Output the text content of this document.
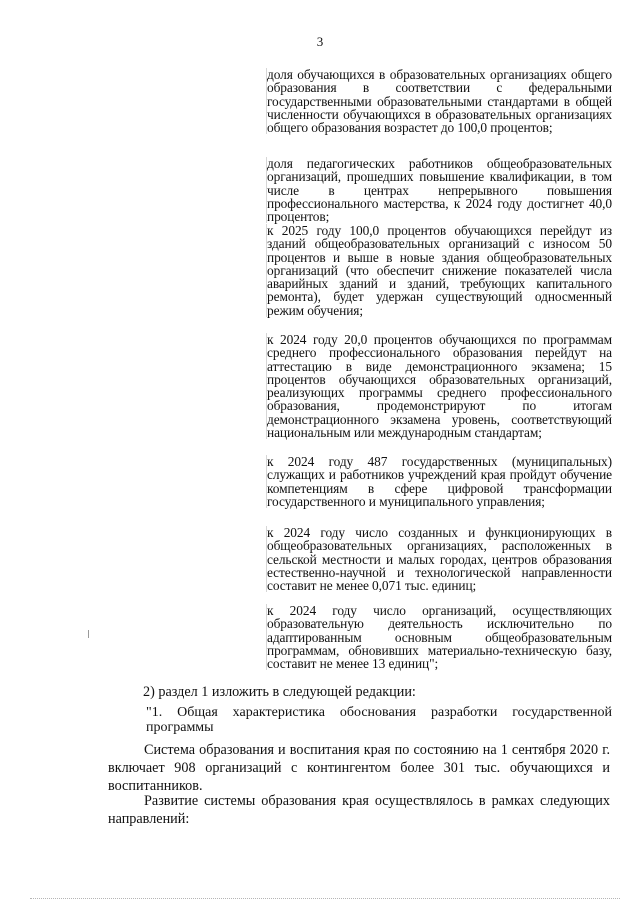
3

доля обучающихся в образовательных организациях общего образования в соответствии с федеральными государственными образовательными стандартами в общей численности обучающихся в образовательных организациях общего образования возрастет до 100,0 процентов;

доля педагогических работников общеобразовательных организаций, прошедших повышение квалификации, в том числе в центрах непрерывного повышения профессионального мастерства, к 2024 году достигнет 40,0 процентов;

к 2025 году 100,0 процентов обучающихся перейдут из зданий общеобразовательных организаций с износом 50 процентов и выше в новые здания общеобразовательных организаций (что обеспечит снижение показателей числа аварийных зданий и зданий, требующих капитального ремонта), будет удержан существующий односменный режим обучения;

к 2024 году 20,0 процентов обучающихся по программам среднего профессионального образования перейдут на аттестацию в виде демонстрационного экзамена; 15 процентов обучающихся образовательных организаций, реализующих программы среднего профессионального образования, продемонстрируют по итогам демонстрационного экзамена уровень, соответствующий национальным или международным стандартам;

к 2024 году 487 государственных (муниципальных) служащих и работников учреждений края пройдут обучение компетенциям в сфере цифровой трансформации государственного и муниципального управления;

к 2024 году число созданных и функционирующих в общеобразовательных организациях, расположенных в сельской местности и малых городах, центров образования естественно-научной и технологической направленности составит не менее 0,071 тыс. единиц;

к 2024 году число организаций, осуществляющих образовательную деятельность исключительно по адаптированным основным общеобразовательным программам, обновивших материально-техническую базу, составит не менее 13 единиц";

2) раздел 1 изложить в следующей редакции:

"1. Общая характеристика обоснования разработки государственной программы

Система образования и воспитания края по состоянию на 1 сентября 2020 г. включает 908 организаций с контингентом более 301 тыс. обучающихся и воспитанников.

Развитие системы образования края осуществлялось в рамках следующих направлений:
